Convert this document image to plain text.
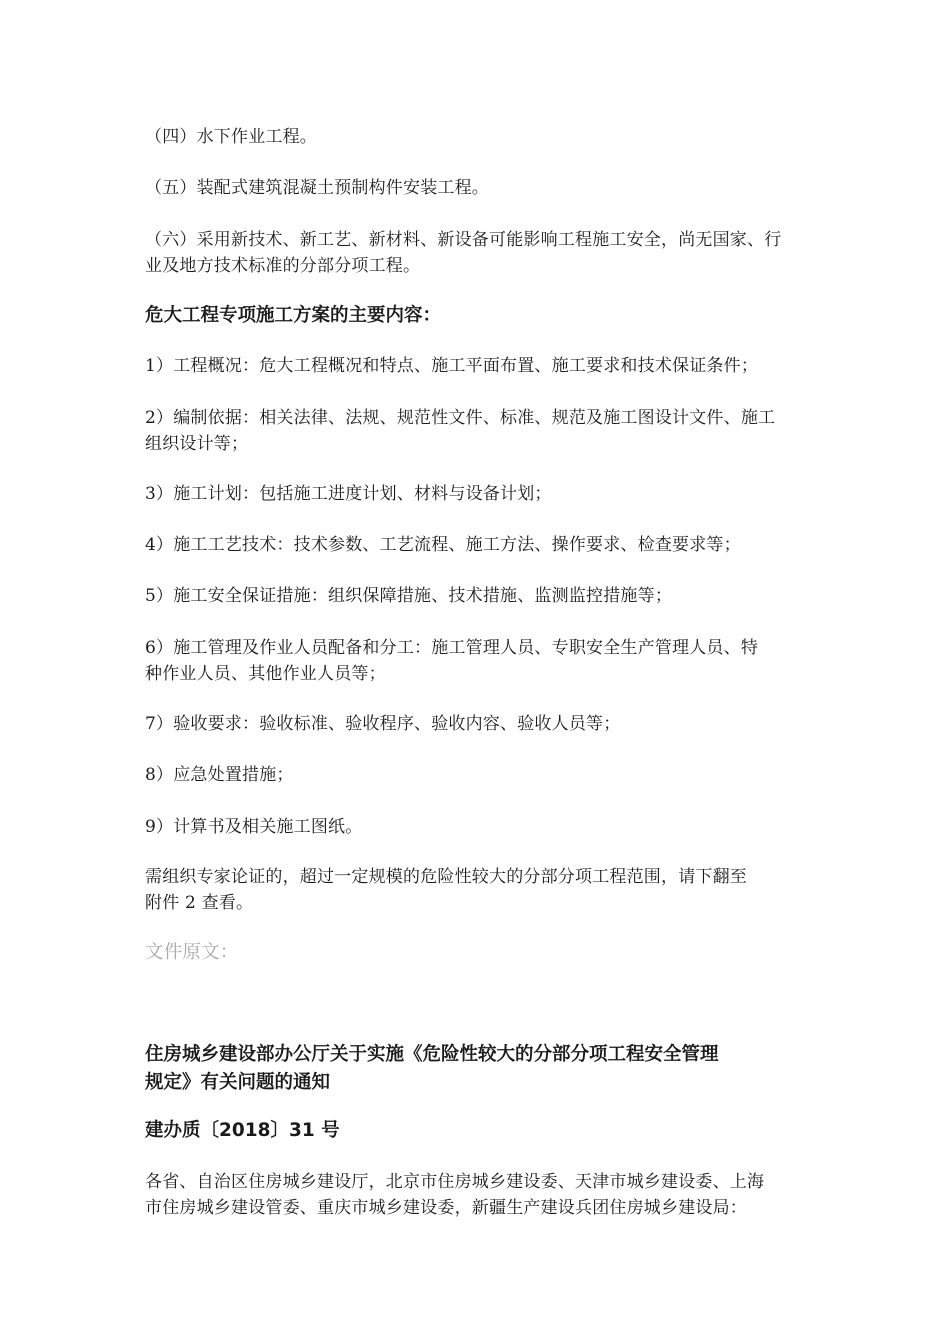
（四）水下作业工程。
（五）装配式建筑混凝土预制构件安装工程。
（六）采用新技术、新工艺、新材料、新设备可能影响工程施工安全，尚无国家、行
业及地方技术标准的分部分项工程。
危大工程专项施工方案的主要内容：
1）工程概况：危大工程概况和特点、施工平面布置、施工要求和技术保证条件；
2）编制依据：相关法律、法规、规范性文件、标准、规范及施工图设计文件、施工
组织设计等；
3）施工计划：包括施工进度计划、材料与设备计划；
4）施工工艺技术：技术参数、工艺流程、施工方法、操作要求、检查要求等；
5）施工安全保证措施：组织保障措施、技术措施、监测监控措施等；
6）施工管理及作业人员配备和分工：施工管理人员、专职安全生产管理人员、特
种作业人员、其他作业人员等；
7）验收要求：验收标准、验收程序、验收内容、验收人员等；
8）应急处置措施；
9）计算书及相关施工图纸。
需组织专家论证的，超过一定规模的危险性较大的分部分项工程范围，请下翻至
附件 2 查看。
文件原文：
住房城乡建设部办公厅关于实施《危险性较大的分部分项工程安全管理
规定》有关问题的通知
建办质〔2018〕31 号
各省、自治区住房城乡建设厅，北京市住房城乡建设委、天津市城乡建设委、上海
市住房城乡建设管委、重庆市城乡建设委，新疆生产建设兵团住房城乡建设局：
